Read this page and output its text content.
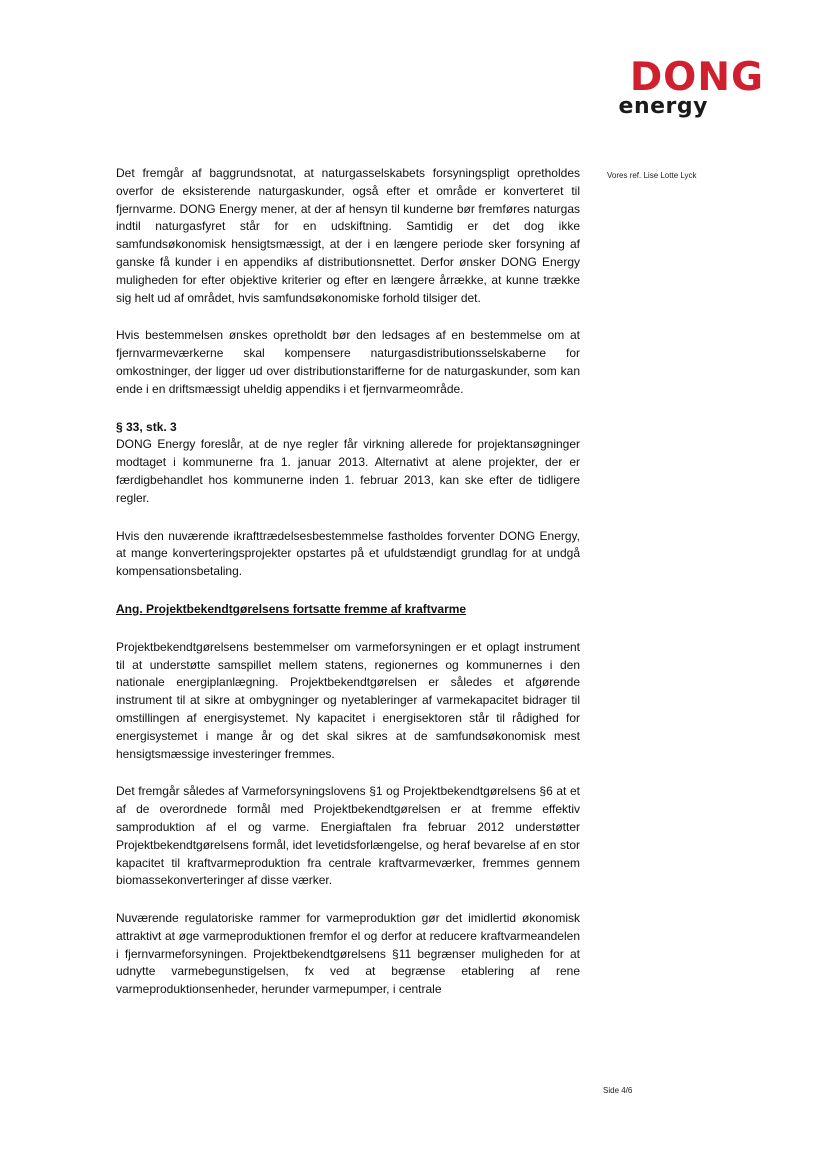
DONG
energy
Vores ref. Lise Lotte Lyck

Det fremgår af baggrundsnotat, at naturgasselskabets forsyningspligt opretholdes overfor de eksisterende naturgaskunder, også efter et område er konverteret til fjernvarme. DONG Energy mener, at der af hensyn til kunderne bør fremføres naturgas indtil naturgasfyret står for en udskiftning. Samtidig er det dog ikke samfundsøkonomisk hensigtsmæssigt, at der i en længere periode sker forsyning af ganske få kunder i en appendiks af distributionsnettet. Derfor ønsker DONG Energy muligheden for efter objektive kriterier og efter en længere årrække, at kunne trække sig helt ud af området, hvis samfundsøkonomiske forhold tilsiger det.

Hvis bestemmelsen ønskes opretholdt bør den ledsages af en bestemmelse om at fjernvarmeværkerne skal kompensere naturgasdistributionsselskaberne for omkostninger, der ligger ud over distributionstarifferne for de naturgaskunder, som kan ende i en driftsmæssigt uheldig appendiks i et fjernvarmeområde.

§ 33, stk. 3

DONG Energy foreslår, at de nye regler får virkning allerede for projektansøgninger modtaget i kommunerne fra 1. januar 2013. Alternativt at alene projekter, der er færdigbehandlet hos kommunerne inden 1. februar 2013, kan ske efter de tidligere regler.

Hvis den nuværende ikrafttrædelsesbestemmelse fastholdes forventer DONG Energy, at mange konverteringsprojekter opstartes på et ufuldstændigt grundlag for at undgå kompensationsbetaling.

Ang. Projektbekendtgørelsens fortsatte fremme af kraftvarme

Projektbekendtgørelsens bestemmelser om varmeforsyningen er et oplagt instrument til at understøtte samspillet mellem statens, regionernes og kommunernes i den nationale energiplanlægning. Projektbekendtgørelsen er således et afgørende instrument til at sikre at ombygninger og nyetableringer af varmekapacitet bidrager til omstillingen af energisystemet. Ny kapacitet i energisektoren står til rådighed for energisystemet i mange år og det skal sikres at de samfundsøkonomisk mest hensigtsmæssige investeringer fremmes.

Det fremgår således af Varmeforsyningslovens §1 og Projektbekendtgørelsens §6 at et af de overordnede formål med Projektbekendtgørelsen er at fremme effektiv samproduktion af el og varme. Energiaftalen fra februar 2012 understøtter Projektbekendtgørelsens formål, idet levetidsforlængelse, og heraf bevarelse af en stor kapacitet til kraftvarmeproduktion fra centrale kraftvarmeværker, fremmes gennem biomassekonverteringer af disse værker.

Nuværende regulatoriske rammer for varmeproduktion gør det imidlertid økonomisk attraktivt at øge varmeproduktionen fremfor el og derfor at reducere kraftvarmeandelen i fjernvarmeforsyningen. Projektbekendtgørelsens §11 begrænser muligheden for at udnytte varmebegunstigelsen, fx ved at begrænse etablering af rene varmeproduktionsenheder, herunder varmepumper, i centrale

Side 4/6
